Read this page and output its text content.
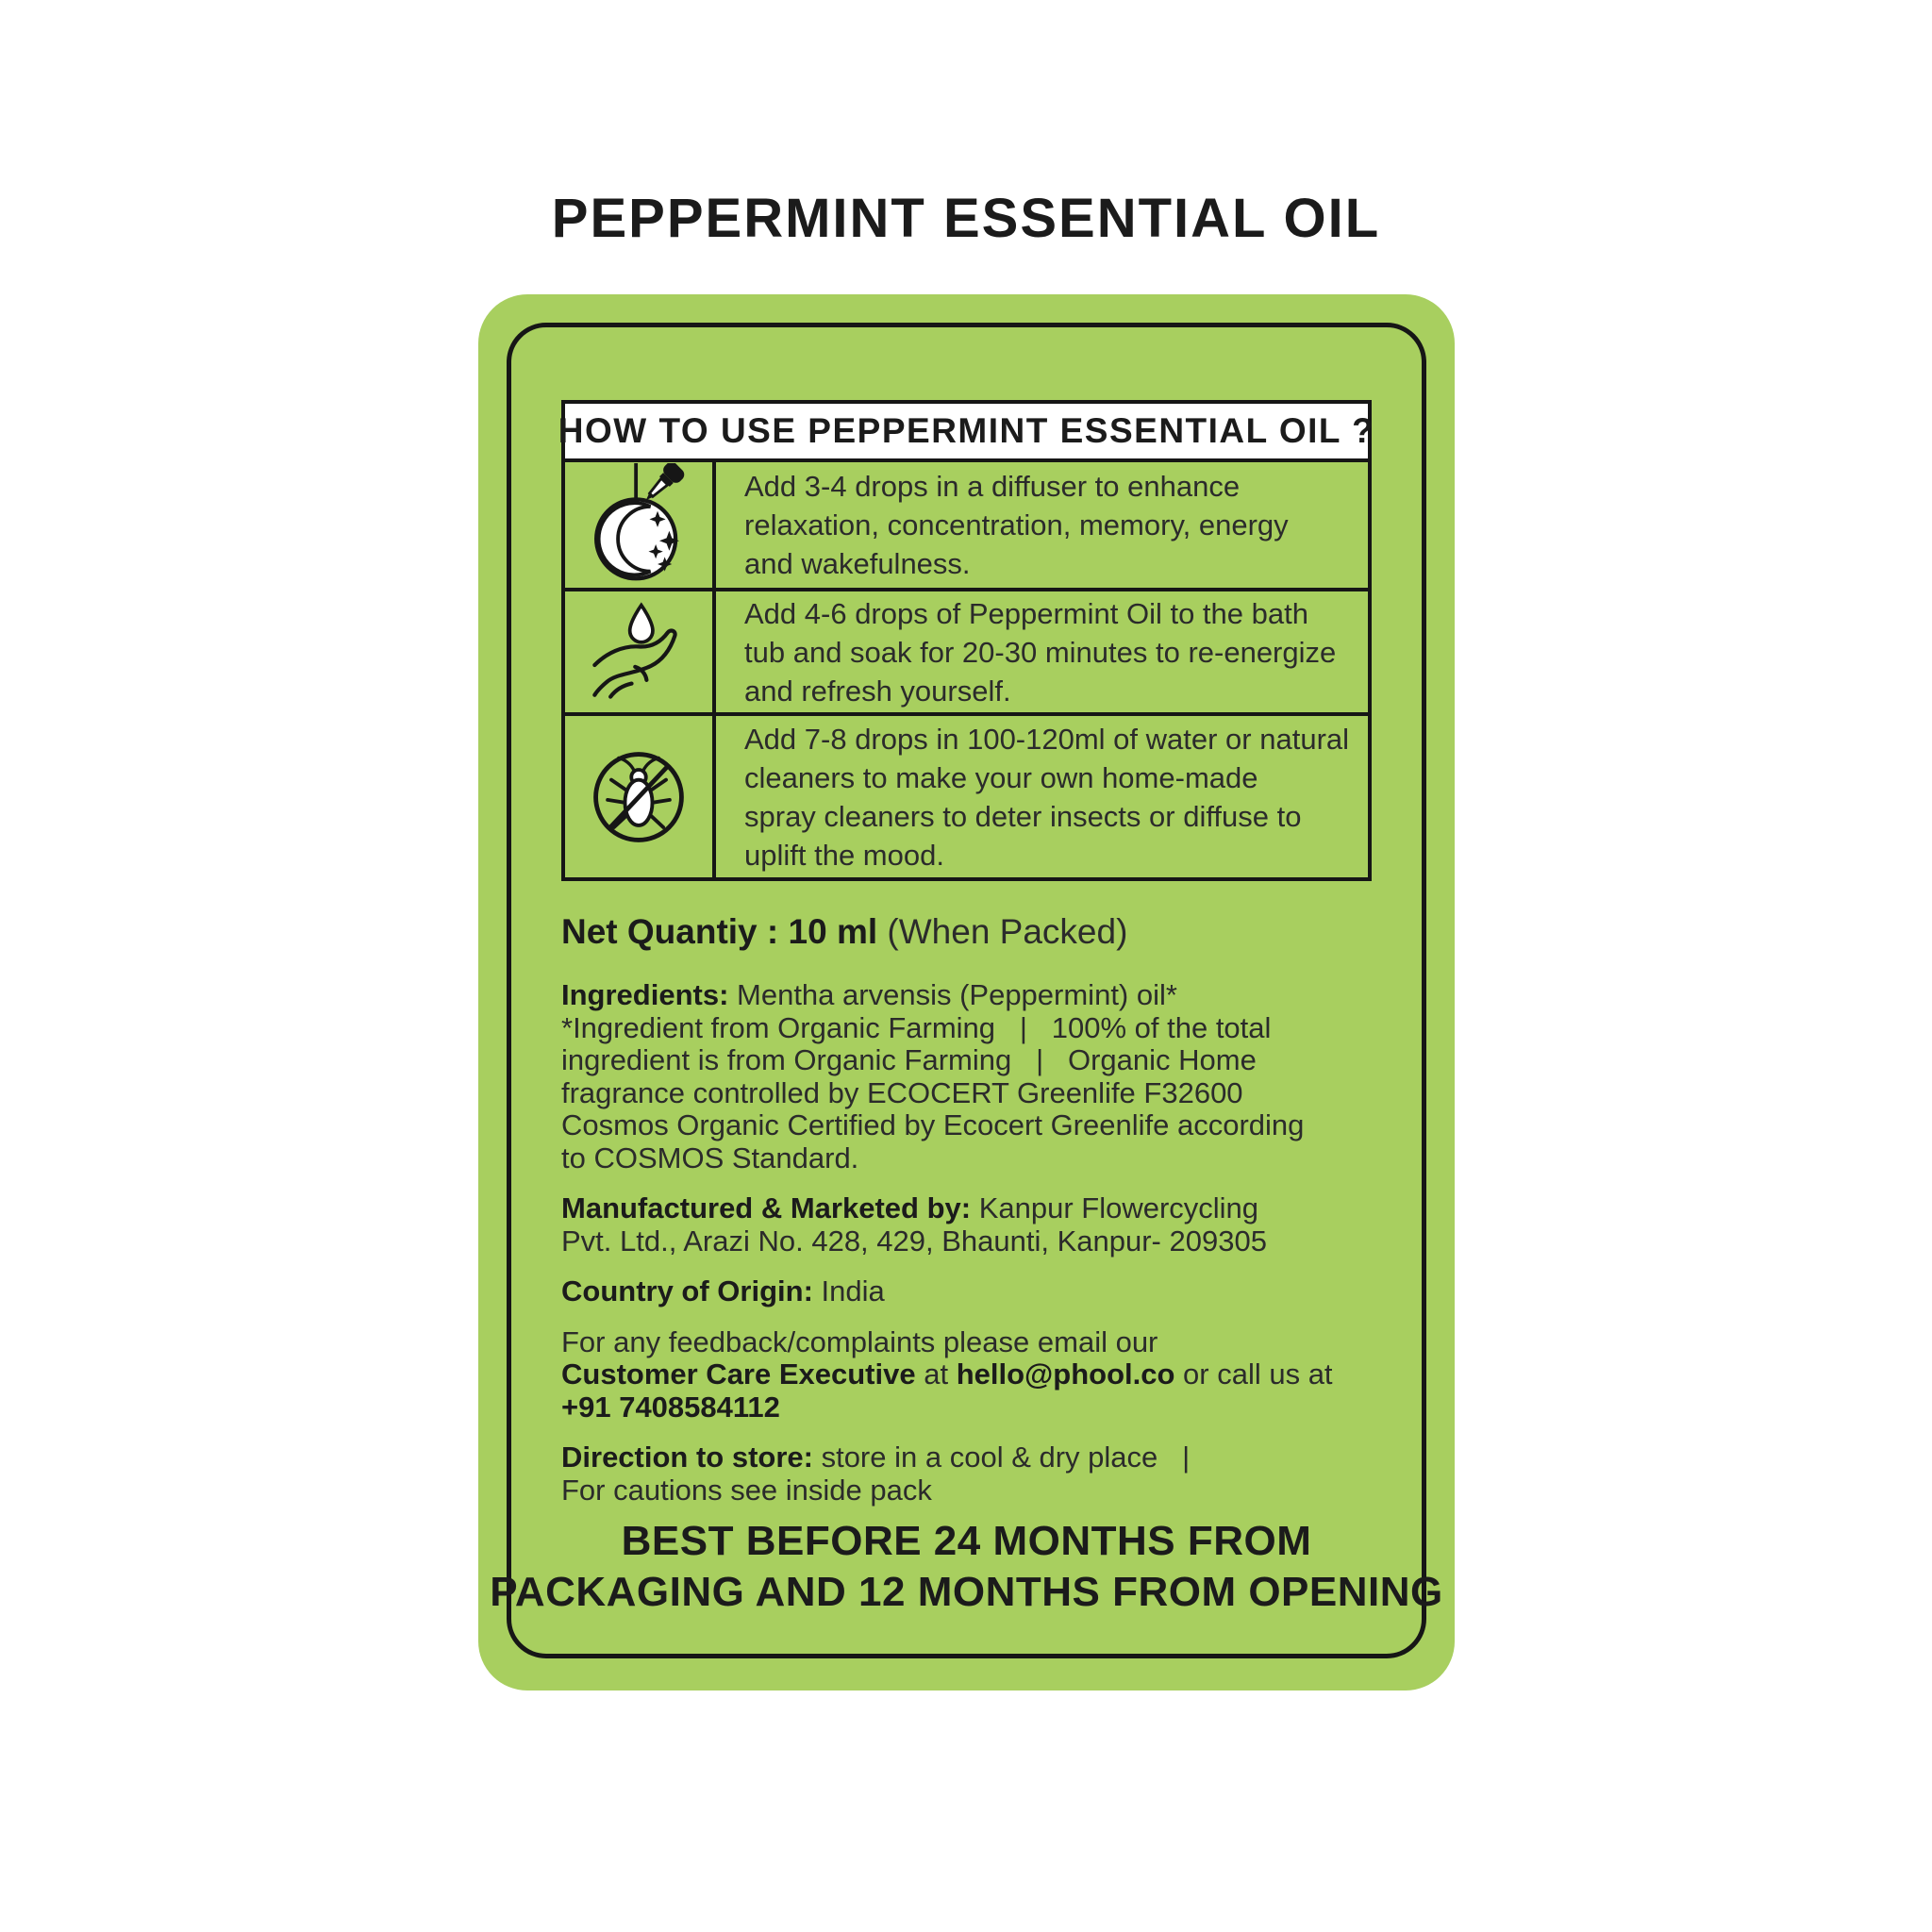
PEPPERMINT ESSENTIAL OIL
HOW TO USE PEPPERMINT ESSENTIAL OIL ?
Add 3-4 drops in a diffuser to enhance
relaxation, concentration, memory, energy
and wakefulness.
Add 4-6 drops of Peppermint Oil to the bath
tub and soak for 20-30 minutes to re-energize
and refresh yourself.
Add 7-8 drops in 100-120ml of water or natural
cleaners to make your own home-made
spray cleaners to deter insects or diffuse to
uplift the mood.
Net Quantiy : 10 ml (When Packed)
Ingredients: Mentha arvensis (Peppermint) oil*
*Ingredient from Organic Farming   |   100% of the total
ingredient is from Organic Farming   |   Organic Home
fragrance controlled by ECOCERT Greenlife F32600
Cosmos Organic Certified by Ecocert Greenlife according
to COSMOS Standard.
Manufactured & Marketed by: Kanpur Flowercycling
Pvt. Ltd., Arazi No. 428, 429, Bhaunti, Kanpur- 209305
Country of Origin: India
For any feedback/complaints please email our
Customer Care Executive at hello@phool.co or call us at
+91 7408584112
Direction to store: store in a cool & dry place   |
For cautions see inside pack
BEST BEFORE 24 MONTHS FROM
PACKAGING AND 12 MONTHS FROM OPENING
